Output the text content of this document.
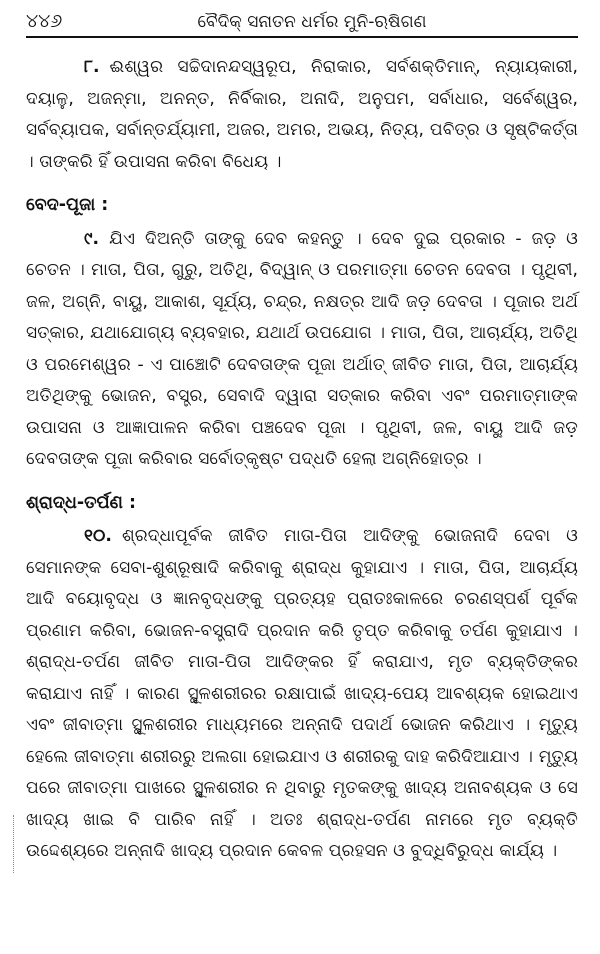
୪୪୬	ବୈଦିକ୍ ସନାତନ ଧର୍ମର ମୁନି-ଋଷିଗଣ

୮. ଈଶ୍ୱର ସଚ୍ଚିଦାନନ୍ଦସ୍ୱରୂପ, ନିରାକାର, ସର୍ବଶକ୍ତିମାନ୍, ନ୍ୟାୟକାରୀ, ଦୟାଳୁ, ଅଜନ୍ମା, ଅନନ୍ତ, ନିର୍ବିକାର, ଅନାଦି, ଅନୁପମ, ସର୍ବାଧାର, ସର୍ବେଶ୍ୱର, ସର୍ବବ୍ୟାପକ, ସର୍ବାନ୍ତର୍ଯ୍ୟାମୀ, ଅଜର, ଅମର, ଅଭୟ, ନିତ୍ୟ, ପବିତ୍ର ଓ ସୃଷ୍ଟିକର୍ତ୍ତା । ତାଙ୍କରି ହିଁ ଉପାସନା କରିବା ବିଧେୟ ।

ବେଦ-ପୂଜା :

୯. ଯିଏ ଦିଅନ୍ତି ତାଙ୍କୁ ଦେବ କହନ୍ତୁ । ଦେବ ଦୁଇ ପ୍ରକାର - ଜଡ଼ ଓ ଚେତନ । ମାତା, ପିତା, ଗୁରୁ, ଅତିଥି, ବିଦ୍ୱାନ୍ ଓ ପରମାତ୍ମା ଚେତନ ଦେବତା । ପୃଥିବୀ, ଜଳ, ଅଗ୍ନି, ବାୟୁ, ଆକାଶ, ସୂର୍ଯ୍ୟ, ଚନ୍ଦ୍ର, ନକ୍ଷତ୍ର ଆଦି ଜଡ଼ ଦେବତା । ପୂଜାର ଅର୍ଥ ସତ୍କାର, ଯଥାଯୋଗ୍ୟ ବ୍ୟବହାର, ଯଥାର୍ଥ ଉପଯୋଗ । ମାତା, ପିତା, ଆଚାର୍ଯ୍ୟ, ଅତିଥି ଓ ପରମେଶ୍ୱର - ଏ ପାଞ୍ଚୋଟି ଦେବତାଙ୍କ ପୂଜା ଅର୍ଥାତ୍ ଜୀବିତ ମାତା, ପିତା, ଆଚାର୍ଯ୍ୟ ଅତିଥିଙ୍କୁ ଭୋଜନ, ବସ୍ତ୍ର, ସେବାଦି ଦ୍ୱାରା ସତ୍କାର କରିବା ଏବଂ ପରମାତ୍ମାଙ୍କ ଉପାସନା ଓ ଆଜ୍ଞାପାଳନ କରିବା ପଞ୍ଚଦେବ ପୂଜା । ପୃଥିବୀ, ଜଳ, ବାୟୁ ଆଦି ଜଡ଼ ଦେବତାଙ୍କ ପୂଜା କରିବାର ସର୍ବୋତ୍କୃଷ୍ଟ ପଦ୍ଧତି ହେଲା ଅଗ୍ନିହୋତ୍ର ।

ଶ୍ରାଦ୍ଧ-ତର୍ପଣ :

୧୦. ଶ୍ରଦ୍ଧାପୂର୍ବକ ଜୀବିତ ମାତା-ପିତା ଆଦିଙ୍କୁ ଭୋଜନାଦି ଦେବା ଓ ସେମାନଙ୍କ ସେବା-ଶୁଶ୍ରୂଷାଦି କରିବାକୁ ଶ୍ରାଦ୍ଧ କୁହାଯାଏ । ମାତା, ପିତା, ଆଚାର୍ଯ୍ୟ ଆଦି ବୟୋବୃଦ୍ଧ ଓ ଜ୍ଞାନବୃଦ୍ଧଙ୍କୁ ପ୍ରତ୍ୟହ ପ୍ରାତଃକାଳରେ ଚରଣସ୍ପର୍ଶ ପୂର୍ବକ ପ୍ରଣାମ କରିବା, ଭୋଜନ-ବସ୍ତ୍ରାଦି ପ୍ରଦାନ କରି ତୃପ୍ତ କରିବାକୁ ତର୍ପଣ କୁହାଯାଏ । ଶ୍ରାଦ୍ଧ-ତର୍ପଣ ଜୀବିତ ମାତା-ପିତା ଆଦିଙ୍କର ହିଁ କରାଯାଏ, ମୃତ ବ୍ୟକ୍ତିଙ୍କର କରାଯାଏ ନାହିଁ । କାରଣ ସ୍ଥୂଳଶରୀରର ରକ୍ଷାପାଇଁ ଖାଦ୍ୟ-ପେୟ ଆବଶ୍ୟକ ହୋଇଥାଏ ଏବଂ ଜୀବାତ୍ମା ସ୍ଥୂଳଶରୀର ମାଧ୍ୟମରେ ଅନ୍ନାଦି ପଦାର୍ଥ ଭୋଜନ କରିଥାଏ । ମୃତ୍ୟୁ ହେଲେ ଜୀବାତ୍ମା ଶରୀରରୁ ଅଲଗା ହୋଇଯାଏ ଓ ଶରୀରକୁ ଦାହ କରିଦିଆଯାଏ । ମୃତ୍ୟୁ ପରେ ଜୀବାତ୍ମା ପାଖରେ ସ୍ଥୂଳଶରୀର ନ ଥିବାରୁ ମୃତକଙ୍କୁ ଖାଦ୍ୟ ଅନାବଶ୍ୟକ ଓ ସେ ଖାଦ୍ୟ ଖାଇ ବି ପାରିବ ନାହିଁ । ଅତଃ ଶ୍ରାଦ୍ଧ-ତର୍ପଣ ନାମରେ ମୃତ ବ୍ୟକ୍ତି ଉଦ୍ଦେଶ୍ୟରେ ଅନ୍ନାଦି ଖାଦ୍ୟ ପ୍ରଦାନ କେବଳ ପ୍ରହସନ ଓ ବୁଦ୍ଧିବିରୁଦ୍ଧ କାର୍ଯ୍ୟ ।
